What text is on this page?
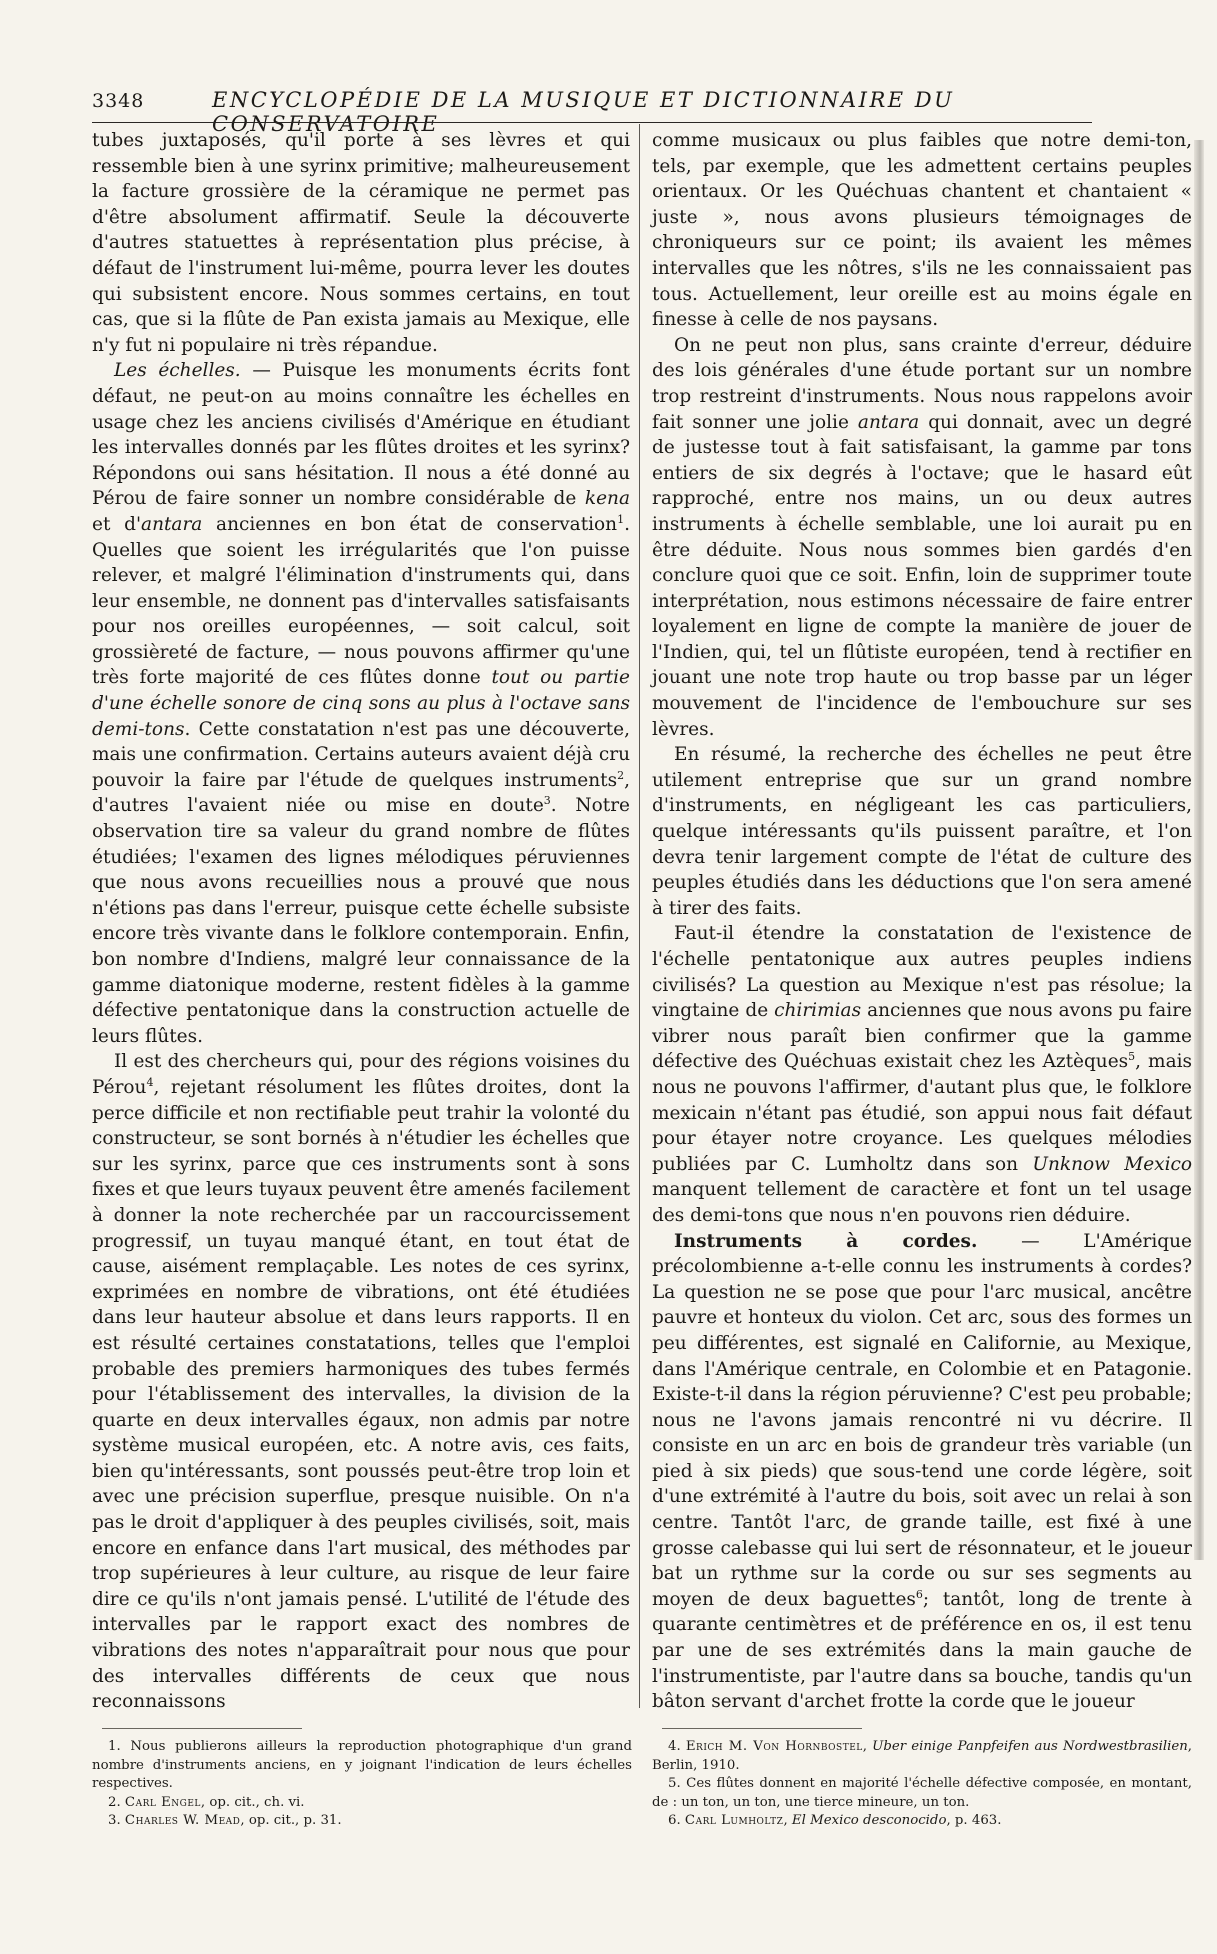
3348	ENCYCLOPÉDIE DE LA MUSIQUE ET DICTIONNAIRE DU CONSERVATOIRE

tubes juxtaposés, qu'il porte à ses lèvres et qui ressemble bien à une syrinx primitive; malheureusement la facture grossière de la céramique ne permet pas d'être absolument affirmatif. Seule la découverte d'autres statuettes à représentation plus précise, à défaut de l'instrument lui-même, pourra lever les doutes qui subsistent encore. Nous sommes certains, en tout cas, que si la flûte de Pan exista jamais au Mexique, elle n'y fut ni populaire ni très répandue.

Les échelles. — Puisque les monuments écrits font défaut, ne peut-on au moins connaître les échelles en usage chez les anciens civilisés d'Amérique en étudiant les intervalles donnés par les flûtes droites et les syrinx? Répondons oui sans hésitation. Il nous a été donné au Pérou de faire sonner un nombre considérable de kena et d'antara anciennes en bon état de conservation$^1$. Quelles que soient les irrégularités que l'on puisse relever, et malgré l'élimination d'instruments qui, dans leur ensemble, ne donnent pas d'intervalles satisfaisants pour nos oreilles européennes, — soit calcul, soit grossièreté de facture, — nous pouvons affirmer qu'une très forte majorité de ces flûtes donne tout ou partie d'une échelle sonore de cinq sons au plus à l'octave sans demi-tons. Cette constatation n'est pas une découverte, mais une confirmation. Certains auteurs avaient déjà cru pouvoir la faire par l'étude de quelques instruments$^2$, d'autres l'avaient niée ou mise en doute$^3$. Notre observation tire sa valeur du grand nombre de flûtes étudiées; l'examen des lignes mélodiques péruviennes que nous avons recueillies nous a prouvé que nous n'étions pas dans l'erreur, puisque cette échelle subsiste encore très vivante dans le folklore contemporain. Enfin, bon nombre d'Indiens, malgré leur connaissance de la gamme diatonique moderne, restent fidèles à la gamme défective pentatonique dans la construction actuelle de leurs flûtes.

Il est des chercheurs qui, pour des régions voisines du Pérou$^4$, rejetant résolument les flûtes droites, dont la perce difficile et non rectifiable peut trahir la volonté du constructeur, se sont bornés à n'étudier les échelles que sur les syrinx, parce que ces instruments sont à sons fixes et que leurs tuyaux peuvent être amenés facilement à donner la note recherchée par un raccourcissement progressif, un tuyau manqué étant, en tout état de cause, aisément remplaçable. Les notes de ces syrinx, exprimées en nombre de vibrations, ont été étudiées dans leur hauteur absolue et dans leurs rapports. Il en est résulté certaines constatations, telles que l'emploi probable des premiers harmoniques des tubes fermés pour l'établissement des intervalles, la division de la quarte en deux intervalles égaux, non admis par notre système musical européen, etc. A notre avis, ces faits, bien qu'intéressants, sont poussés peut-être trop loin et avec une précision superflue, presque nuisible. On n'a pas le droit d'appliquer à des peuples civilisés, soit, mais encore en enfance dans l'art musical, des méthodes par trop supérieures à leur culture, au risque de leur faire dire ce qu'ils n'ont jamais pensé. L'utilité de l'étude des intervalles par le rapport exact des nombres de vibrations des notes n'apparaîtrait pour nous que pour des intervalles différents de ceux que nous reconnaissons

comme musicaux ou plus faibles que notre demi-ton, tels, par exemple, que les admettent certains peuples orientaux. Or les Quéchuas chantent et chantaient « juste », nous avons plusieurs témoignages de chroniqueurs sur ce point; ils avaient les mêmes intervalles que les nôtres, s'ils ne les connaissaient pas tous. Actuellement, leur oreille est au moins égale en finesse à celle de nos paysans.

On ne peut non plus, sans crainte d'erreur, déduire des lois générales d'une étude portant sur un nombre trop restreint d'instruments. Nous nous rappelons avoir fait sonner une jolie antara qui donnait, avec un degré de justesse tout à fait satisfaisant, la gamme par tons entiers de six degrés à l'octave; que le hasard eût rapproché, entre nos mains, un ou deux autres instruments à échelle semblable, une loi aurait pu en être déduite. Nous nous sommes bien gardés d'en conclure quoi que ce soit. Enfin, loin de supprimer toute interprétation, nous estimons nécessaire de faire entrer loyalement en ligne de compte la manière de jouer de l'Indien, qui, tel un flûtiste européen, tend à rectifier en jouant une note trop haute ou trop basse par un léger mouvement de l'incidence de l'embouchure sur ses lèvres.

En résumé, la recherche des échelles ne peut être utilement entreprise que sur un grand nombre d'instruments, en négligeant les cas particuliers, quelque intéressants qu'ils puissent paraître, et l'on devra tenir largement compte de l'état de culture des peuples étudiés dans les déductions que l'on sera amené à tirer des faits.

Faut-il étendre la constatation de l'existence de l'échelle pentatonique aux autres peuples indiens civilisés? La question au Mexique n'est pas résolue; la vingtaine de chirimias anciennes que nous avons pu faire vibrer nous paraît bien confirmer que la gamme défective des Quéchuas existait chez les Aztèques$^5$, mais nous ne pouvons l'affirmer, d'autant plus que, le folklore mexicain n'étant pas étudié, son appui nous fait défaut pour étayer notre croyance. Les quelques mélodies publiées par C. Lumholtz dans son Unknow Mexico manquent tellement de caractère et font un tel usage des demi-tons que nous n'en pouvons rien déduire.

Instruments à cordes. — L'Amérique précolombienne a-t-elle connu les instruments à cordes? La question ne se pose que pour l'arc musical, ancêtre pauvre et honteux du violon. Cet arc, sous des formes un peu différentes, est signalé en Californie, au Mexique, dans l'Amérique centrale, en Colombie et en Patagonie. Existe-t-il dans la région péruvienne? C'est peu probable; nous ne l'avons jamais rencontré ni vu décrire. Il consiste en un arc en bois de grandeur très variable (un pied à six pieds) que sous-tend une corde légère, soit d'une extrémité à l'autre du bois, soit avec un relai à son centre. Tantôt l'arc, de grande taille, est fixé à une grosse calebasse qui lui sert de résonnateur, et le joueur bat un rythme sur la corde ou sur ses segments au moyen de deux baguettes$^6$; tantôt, long de trente à quarante centimètres et de préférence en os, il est tenu par une de ses extrémités dans la main gauche de l'instrumentiste, par l'autre dans sa bouche, tandis qu'un bâton servant d'archet frotte la corde que le joueur

1. Nous publierons ailleurs la reproduction photographique d'un grand nombre d'instruments anciens, en y joignant l'indication de leurs échelles respectives.

2. Carl Engel, op. cit., ch. vi.

3. Charles W. Mead, op. cit., p. 31.

4. Erich M. Von Hornbostel, Uber einige Panpfeifen aus Nordwestbrasilien, Berlin, 1910.

5. Ces flûtes donnent en majorité l'échelle défective composée, en montant, de : un ton, un ton, une tierce mineure, un ton.

6. Carl Lumholtz, El Mexico desconocido, p. 463.
